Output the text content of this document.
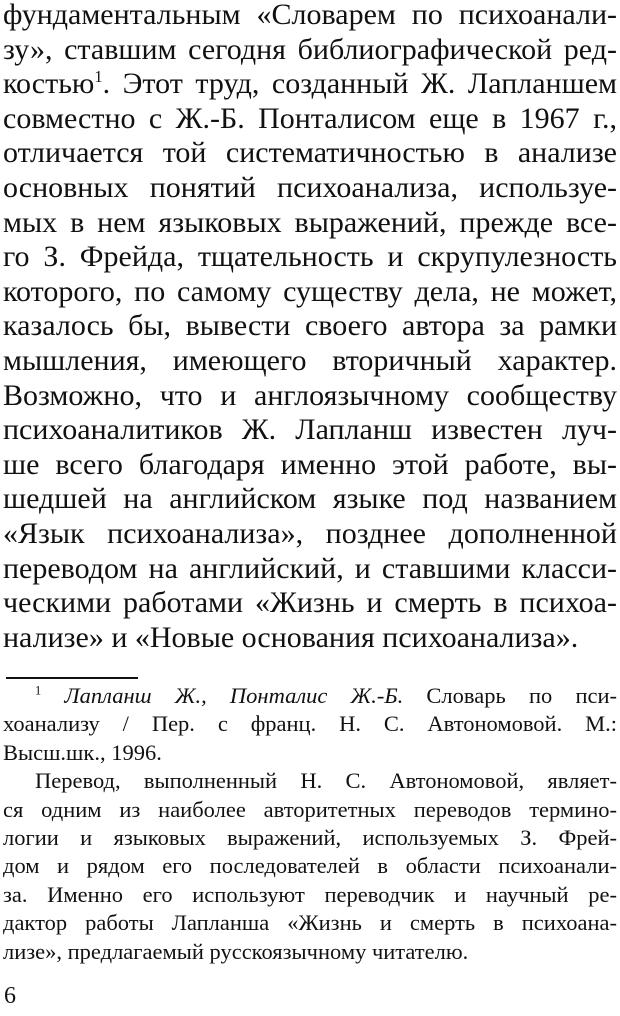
фундаментальным «Словарем по психоанали-
зу», ставшим сегодня библиографической ред-
костью$^1$. Этот труд, созданный Ж. Лапланшем
совместно с Ж.-Б. Понталисом еще в 1967 г.,
отличается той систематичностью в анализе
основных понятий психоанализа, используе-
мых в нем языковых выражений, прежде все-
го З. Фрейда, тщательность и скрупулезность
которого, по самому существу дела, не может,
казалось бы, вывести своего автора за рамки
мышления, имеющего вторичный характер.
Возможно, что и англоязычному сообществу
психоаналитиков Ж. Лапланш известен луч-
ше всего благодаря именно этой работе, вы-
шедшей на английском языке под названием
«Язык психоанализа», позднее дополненной
переводом на английский, и ставшими класси-
ческими работами «Жизнь и смерть в психоа-
нализе» и «Новые основания психоанализа».
$^1$ Лапланш Ж., Понталис Ж.-Б. Словарь по пси-
хоанализу / Пер. с франц. Н. С. Автономовой. М.:
Высш.шк., 1996.
Перевод, выполненный Н. С. Автономовой, являет-
ся одним из наиболее авторитетных переводов термино-
логии и языковых выражений, используемых З. Фрей-
дом и рядом его последователей в области психоанали-
за. Именно его используют переводчик и научный ре-
дактор работы Лапланша «Жизнь и смерть в психоана-
лизе», предлагаемый русскоязычному читателю.
6
